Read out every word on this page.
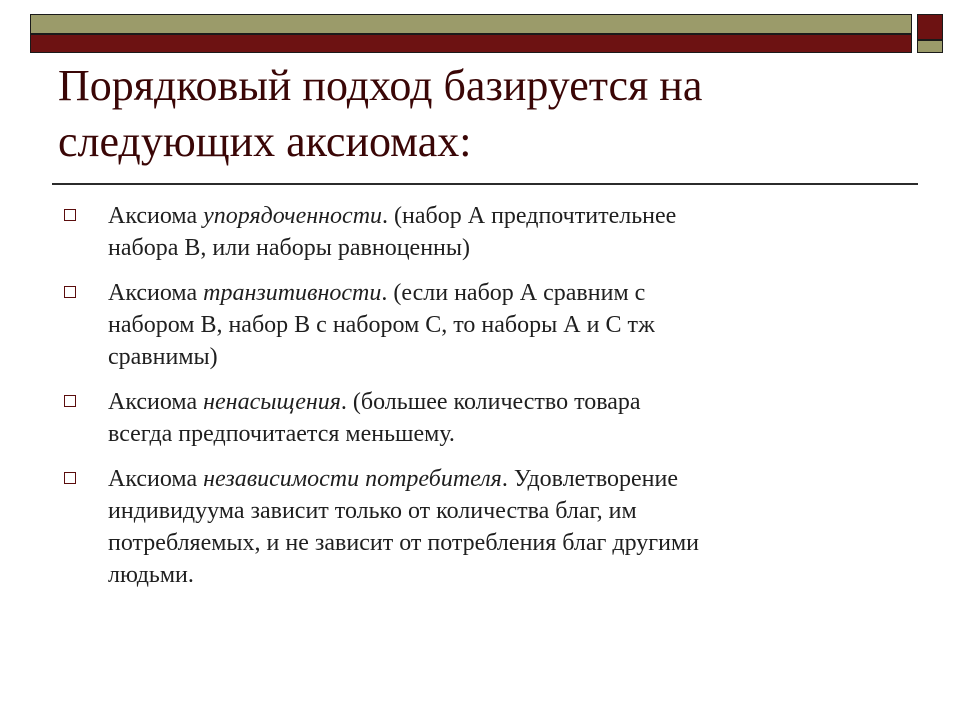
Порядковый подход базируется на
следующих аксиомах:
Аксиома упорядоченности. (набор А предпочтительнее
набора В, или наборы равноценны)
Аксиома транзитивности. (если набор А сравним с
набором В, набор В с набором С, то наборы А и С тж
сравнимы)
Аксиома ненасыщения. (большее количество товара
всегда предпочитается меньшему.
Аксиома независимости потребителя. Удовлетворение
индивидуума зависит только от количества благ, им
потребляемых, и не зависит от потребления благ другими
людьми.
